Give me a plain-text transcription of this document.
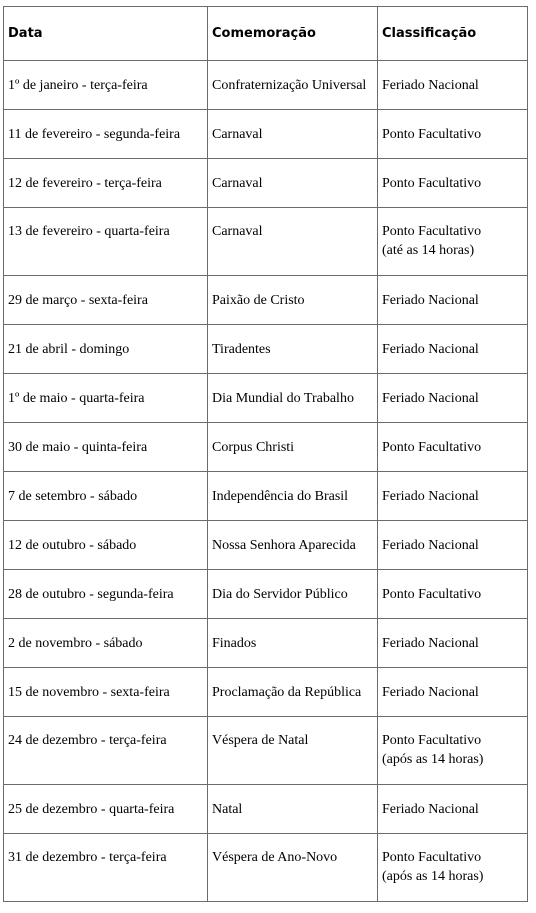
Data	Comemoração	Classificação
1º de janeiro - terça-feira	Confraternização Universal	Feriado Nacional

11 de fevereiro - segunda-feira	Carnaval	Ponto Facultativo

12 de fevereiro - terça-feira	Carnaval	Ponto Facultativo

13 de fevereiro - quarta-feira	Carnaval	Ponto Facultativo
(até as 14 horas)

29 de março - sexta-feira	Paixão de Cristo	Feriado Nacional

21 de abril - domingo	Tiradentes	Feriado Nacional

1º de maio - quarta-feira	Dia Mundial do Trabalho	Feriado Nacional

30 de maio - quinta-feira	Corpus Christi	Ponto Facultativo

7 de setembro - sábado	Independência do Brasil	Feriado Nacional

12 de outubro - sábado	Nossa Senhora Aparecida	Feriado Nacional

28 de outubro - segunda-feira	Dia do Servidor Público	Ponto Facultativo

2 de novembro - sábado	Finados	Feriado Nacional

15 de novembro - sexta-feira	Proclamação da República	Feriado Nacional

24 de dezembro - terça-feira	Véspera de Natal	Ponto Facultativo
(após as 14 horas)

25 de dezembro - quarta-feira	Natal	Feriado Nacional

31 de dezembro - terça-feira	Véspera de Ano-Novo	Ponto Facultativo
(após as 14 horas)
